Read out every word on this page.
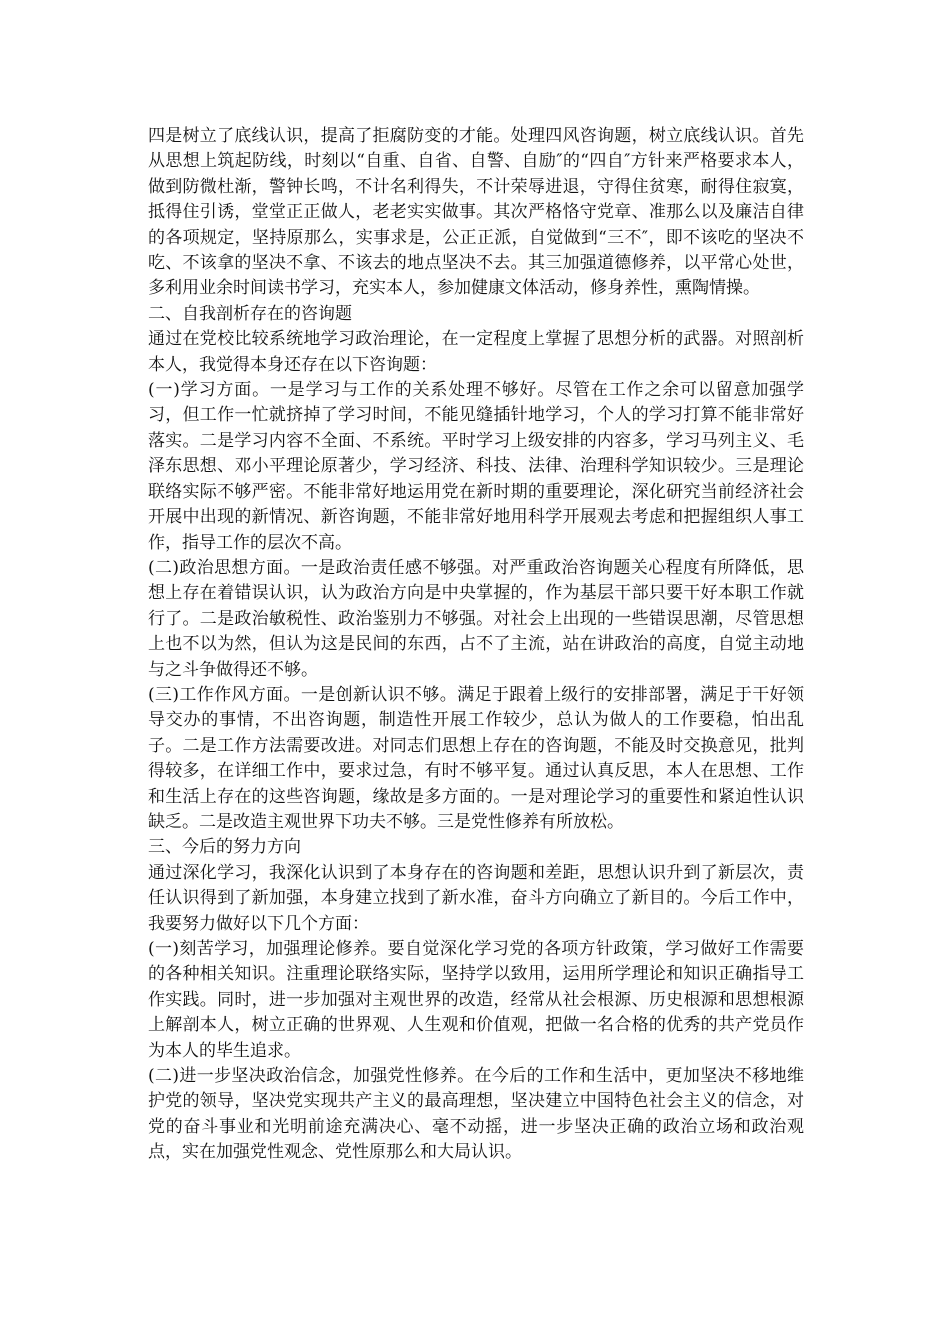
四是树立了底线认识，提高了拒腐防变的才能。处理四风咨询题，树立底线认识。首先从思想上筑起防线，时刻以“自重、自省、自警、自励″的“四自″方针来严格要求本人，做到防微杜渐，警钟长鸣，不计名利得失，不计荣辱进退，守得住贫寒，耐得住寂寞，抵得住引诱，堂堂正正做人，老老实实做事。其次严格恪守党章、准那么以及廉洁自律的各项规定，坚持原那么，实事求是，公正正派，自觉做到“三不″，即不该吃的坚决不吃、不该拿的坚决不拿、不该去的地点坚决不去。其三加强道德修养，以平常心处世，多利用业余时间读书学习，充实本人，参加健康文体活动，修身养性，熏陶情操。

二、自我剖析存在的咨询题

通过在党校比较系统地学习政治理论，在一定程度上掌握了思想分析的武器。对照剖析本人，我觉得本身还存在以下咨询题：

(一)学习方面。一是学习与工作的关系处理不够好。尽管在工作之余可以留意加强学习，但工作一忙就挤掉了学习时间，不能见缝插针地学习，个人的学习打算不能非常好落实。二是学习内容不全面、不系统。平时学习上级安排的内容多，学习马列主义、毛泽东思想、邓小平理论原著少，学习经济、科技、法律、治理科学知识较少。三是理论联络实际不够严密。不能非常好地运用党在新时期的重要理论，深化研究当前经济社会开展中出现的新情况、新咨询题，不能非常好地用科学开展观去考虑和把握组织人事工作，指导工作的层次不高。

(二)政治思想方面。一是政治责任感不够强。对严重政治咨询题关心程度有所降低，思想上存在着错误认识，认为政治方向是中央掌握的，作为基层干部只要干好本职工作就行了。二是政治敏税性、政治鉴别力不够强。对社会上出现的一些错误思潮，尽管思想上也不以为然，但认为这是民间的东西，占不了主流，站在讲政治的高度，自觉主动地与之斗争做得还不够。

(三)工作作风方面。一是创新认识不够。满足于跟着上级行的安排部署，满足于干好领导交办的事情，不出咨询题，制造性开展工作较少，总认为做人的工作要稳，怕出乱子。二是工作方法需要改进。对同志们思想上存在的咨询题，不能及时交换意见，批判得较多，在详细工作中，要求过急，有时不够平复。通过认真反思，本人在思想、工作和生活上存在的这些咨询题，缘故是多方面的。一是对理论学习的重要性和紧迫性认识缺乏。二是改造主观世界下功夫不够。三是党性修养有所放松。

三、今后的努力方向

通过深化学习，我深化认识到了本身存在的咨询题和差距，思想认识升到了新层次，责任认识得到了新加强，本身建立找到了新水准，奋斗方向确立了新目的。今后工作中，我要努力做好以下几个方面：

(一)刻苦学习，加强理论修养。要自觉深化学习党的各项方针政策，学习做好工作需要的各种相关知识。注重理论联络实际，坚持学以致用，运用所学理论和知识正确指导工作实践。同时，进一步加强对主观世界的改造，经常从社会根源、历史根源和思想根源上解剖本人，树立正确的世界观、人生观和价值观，把做一名合格的优秀的共产党员作为本人的毕生追求。

(二)进一步坚决政治信念，加强党性修养。在今后的工作和生活中，更加坚决不移地维护党的领导，坚决党实现共产主义的最高理想，坚决建立中国特色社会主义的信念，对党的奋斗事业和光明前途充满决心、毫不动摇，进一步坚决正确的政治立场和政治观点，实在加强党性观念、党性原那么和大局认识。
